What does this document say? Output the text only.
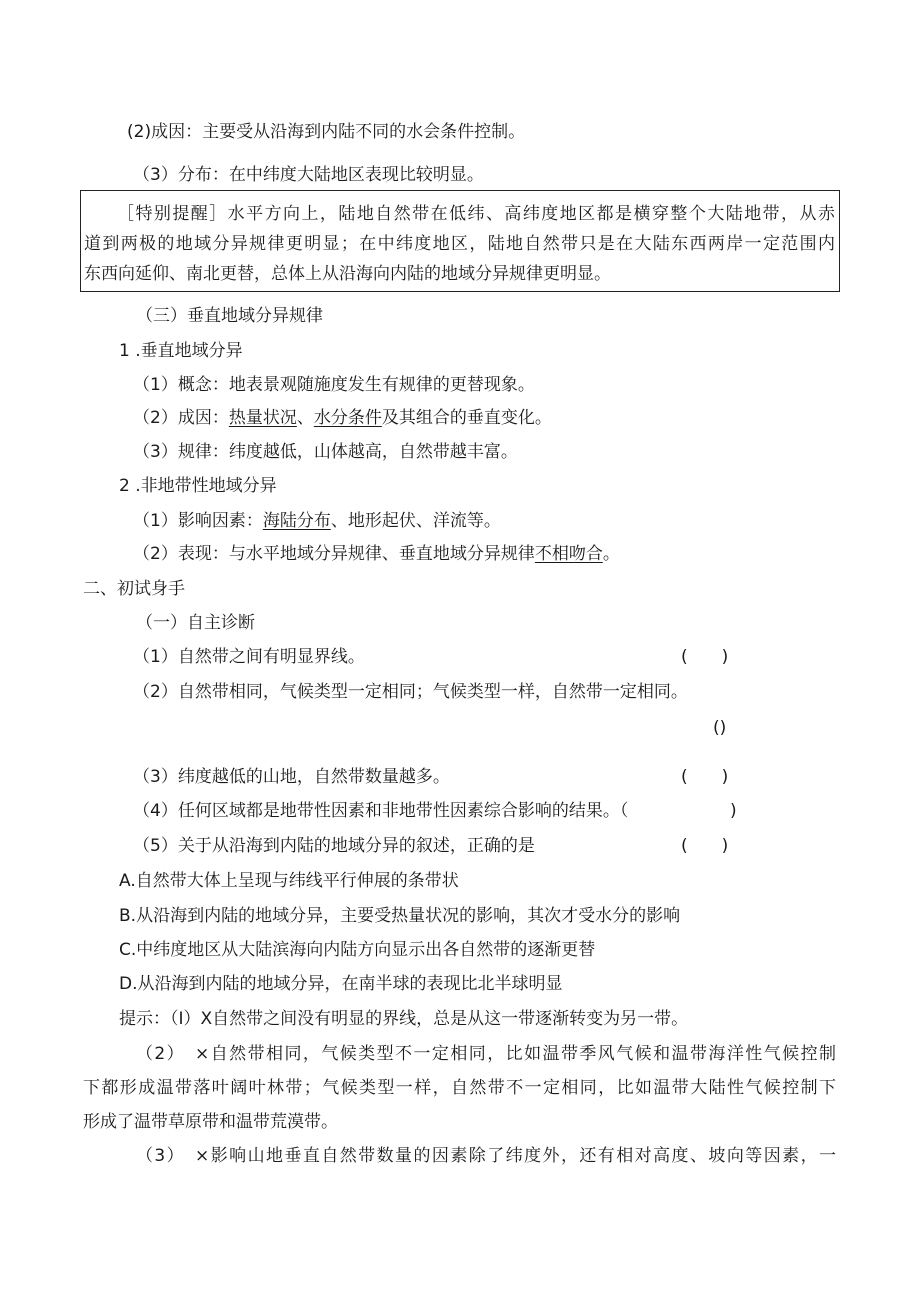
(2)成因：主要受从沿海到内陆不同的水会条件控制。
（3）分布：在中纬度大陆地区表现比较明显。
［特别提醒］水平方向上，陆地自然带在低纬、高纬度地区都是横穿整个大陆地带，从赤
道到两极的地域分异规律更明显；在中纬度地区，陆地自然带只是在大陆东西两岸一定范围内
东西向延仰、南北更替，总体上从沿海向内陆的地域分异规律更明显。
（三）垂直地域分异规律
1 .垂直地域分异
（1）概念：地表景观随施度发生有规律的更替现象。
（2）成因：热量状况、水分条件及其组合的垂直变化。
（3）规律：纬度越低，山体越高，自然带越丰富。
2 .非地带性地域分异
（1）影响因素：海陆分布、地形起伏、洋流等。
（2）表现：与水平地域分异规律、垂直地域分异规律不相吻合。
二、初试身手
（一）自主诊断
（1）自然带之间有明显界线。	(　　)
（2）自然带相同，气候类型一定相同；气候类型一样，自然带一定相同。
()
（3）纬度越低的山地，自然带数量越多。	(　　)
（4）任何区域都是地带性因素和非地带性因素综合影响的结果。（	)
（5）关于从沿海到内陆的地域分异的叙述，正确的是	(　　)
A.自然带大体上呈现与纬线平行伸展的条带状
B.从沿海到内陆的地域分异，主要受热量状况的影响，其次才受水分的影响
C.中纬度地区从大陆滨海向内陆方向显示出各自然带的逐渐更替
D.从沿海到内陆的地域分异，在南半球的表现比北半球明显
提示：（I）X自然带之间没有明显的界线，总是从这一带逐渐转变为另一带。
（2）　×自然带相同，气候类型不一定相同，比如温带季风气候和温带海洋性气候控制
下都形成温带落叶阔叶林带；气候类型一样，自然带不一定相同，比如温带大陆性气候控制下
形成了温带草原带和温带荒漠带。
（3）　×影响山地垂直自然带数量的因素除了纬度外，还有相对高度、坡向等因素，一
